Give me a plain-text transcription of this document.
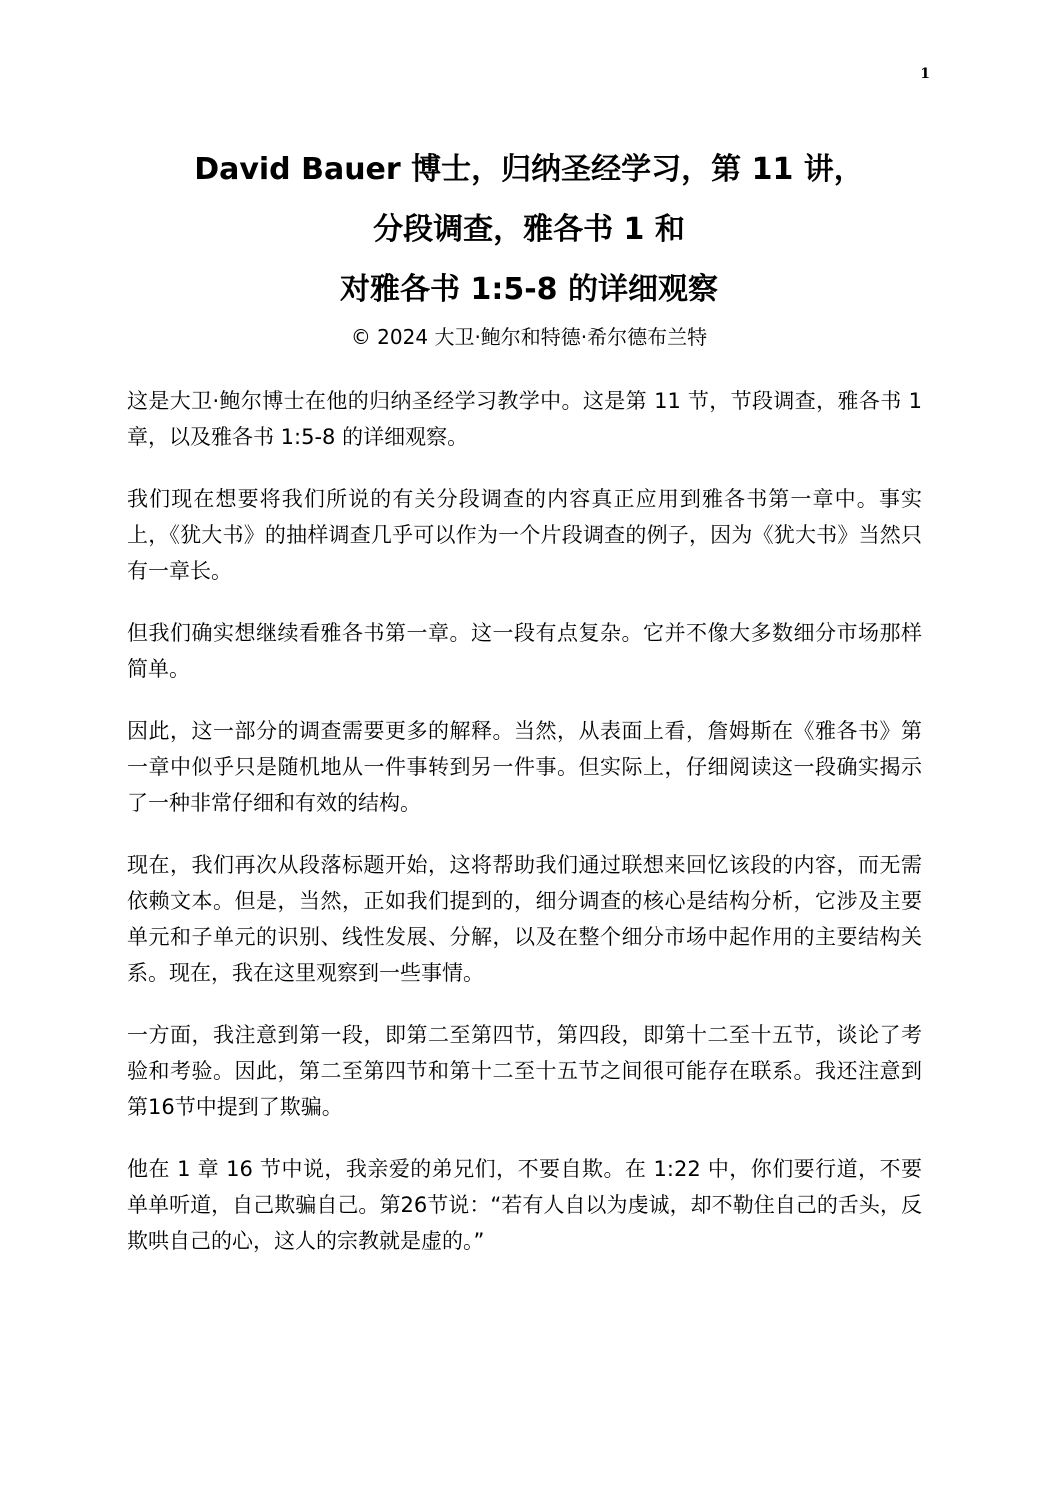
1

David Bauer 博士，归纳圣经学习，第 11 讲，

分段调查，雅各书 1 和

对雅各书 1:5-8 的详细观察

© 2024 大卫·鲍尔和特德·希尔德布兰特

这是大卫·鲍尔博士在他的归纳圣经学习教学中。这是第 11 节，节段调查，雅各书 1 章，以及雅各书 1:5-8 的详细观察。

我们现在想要将我们所说的有关分段调查的内容真正应用到雅各书第一章中。事实上，《犹大书》的抽样调查几乎可以作为一个片段调查的例子，因为《犹大书》当然只有一章长。

但我们确实想继续看雅各书第一章。这一段有点复杂。它并不像大多数细分市场那样简单。

因此，这一部分的调查需要更多的解释。当然，从表面上看，詹姆斯在《雅各书》第一章中似乎只是随机地从一件事转到另一件事。但实际上，仔细阅读这一段确实揭示了一种非常仔细和有效的结构。

现在，我们再次从段落标题开始，这将帮助我们通过联想来回忆该段的内容，而无需依赖文本。但是，当然，正如我们提到的，细分调查的核心是结构分析，它涉及主要单元和子单元的识别、线性发展、分解，以及在整个细分市场中起作用的主要结构关系。现在，我在这里观察到一些事情。

一方面，我注意到第一段，即第二至第四节，第四段，即第十二至十五节，谈论了考验和考验。因此，第二至第四节和第十二至十五节之间很可能存在联系。我还注意到第16节中提到了欺骗。

他在 1 章 16 节中说，我亲爱的弟兄们，不要自欺。在 1:22 中，你们要行道，不要单单听道，自己欺骗自己。第26节说：“若有人自以为虔诚，却不勒住自己的舌头，反欺哄自己的心，这人的宗教就是虚的。”
